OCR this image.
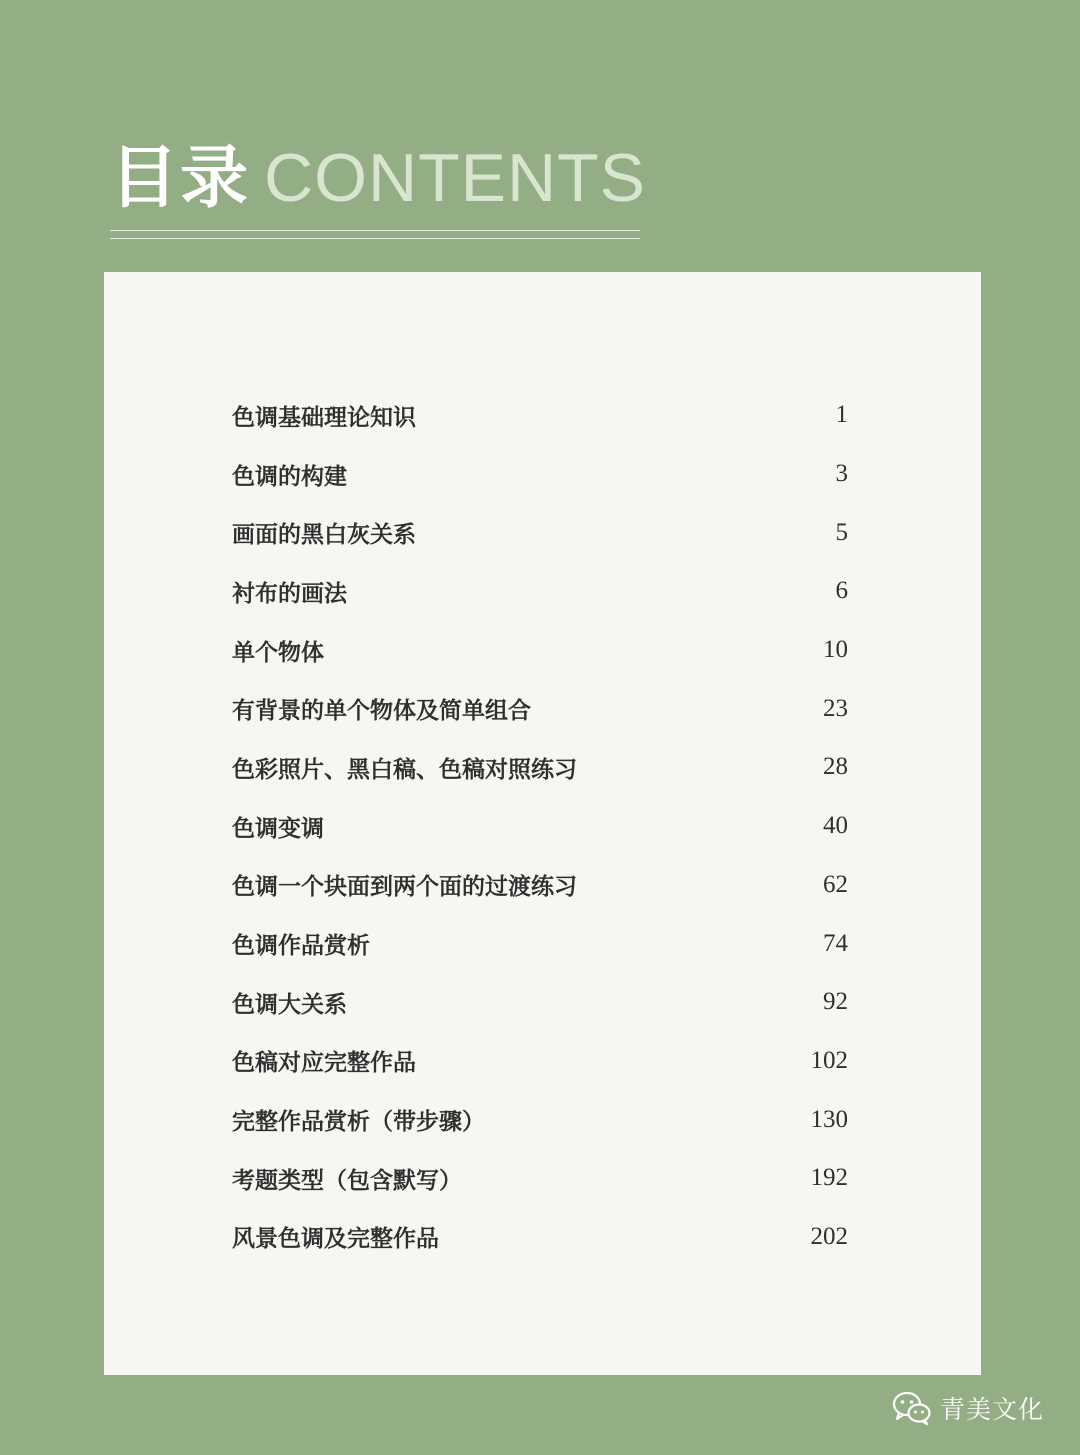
目录 CONTENTS
色调基础理论知识	1
色调的构建	3
画面的黑白灰关系	5
衬布的画法	6
单个物体	10
有背景的单个物体及简单组合	23
色彩照片、黑白稿、色稿对照练习	28
色调变调	40
色调一个块面到两个面的过渡练习	62
色调作品赏析	74
色调大关系	92
色稿对应完整作品	102
完整作品赏析（带步骤）	130
考题类型（包含默写）	192
风景色调及完整作品	202
青美文化
